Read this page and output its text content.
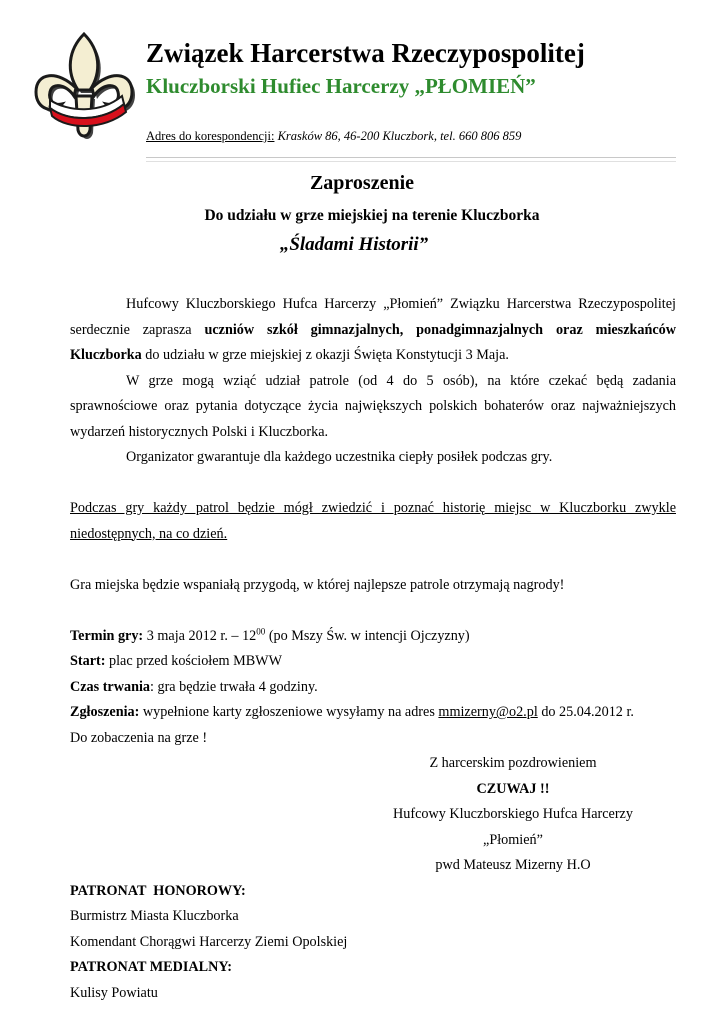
Związek Harcerstwa Rzeczypospolitej
Kluczborski Hufiec Harcerzy „PŁOMIEŃ”
Adres do korespondencji: Krasków 86, 46-200 Kluczbork, tel. 660 806 859
Zaproszenie
Do udziału w grze miejskiej na terenie Kluczborka
„Śladami Historii”

Hufcowy Kluczborskiego Hufca Harcerzy „Płomień” Związku Harcerstwa Rzeczypospolitej serdecznie zaprasza uczniów szkół gimnazjalnych, ponadgimnazjalnych oraz mieszkańców Kluczborka do udziału w grze miejskiej z okazji Święta Konstytucji 3 Maja.

W grze mogą wziąć udział patrole (od 4 do 5 osób), na które czekać będą zadania sprawnościowe oraz pytania dotyczące życia największych polskich bohaterów oraz najważniejszych wydarzeń historycznych Polski i Kluczborka.

Organizator gwarantuje dla każdego uczestnika ciepły posiłek podczas gry.

Podczas gry każdy patrol będzie mógł zwiedzić i poznać historię miejsc w Kluczborku zwykle niedostępnych, na co dzień.

Gra miejska będzie wspaniałą przygodą, w której najlepsze patrole otrzymają nagrody!

Termin gry: 3 maja 2012 r. – $12^{00}$ (po Mszy Św. w intencji Ojczyzny)

Start: plac przed kościołem MBWW

Czas trwania: gra będzie trwała 4 godziny.

Zgłoszenia: wypełnione karty zgłoszeniowe wysyłamy na adres mmizerny@o2.pl do 25.04.2012 r.

Do zobaczenia na grze !

Z harcerskim pozdrowieniem

CZUWAJ !!

Hufcowy Kluczborskiego Hufca Harcerzy

„Płomień”

pwd Mateusz Mizerny H.O

PATRONAT  HONOROWY:

Burmistrz Miasta Kluczborka

Komendant Chorągwi Harcerzy Ziemi Opolskiej

PATRONAT MEDIALNY:

Kulisy Powiatu
